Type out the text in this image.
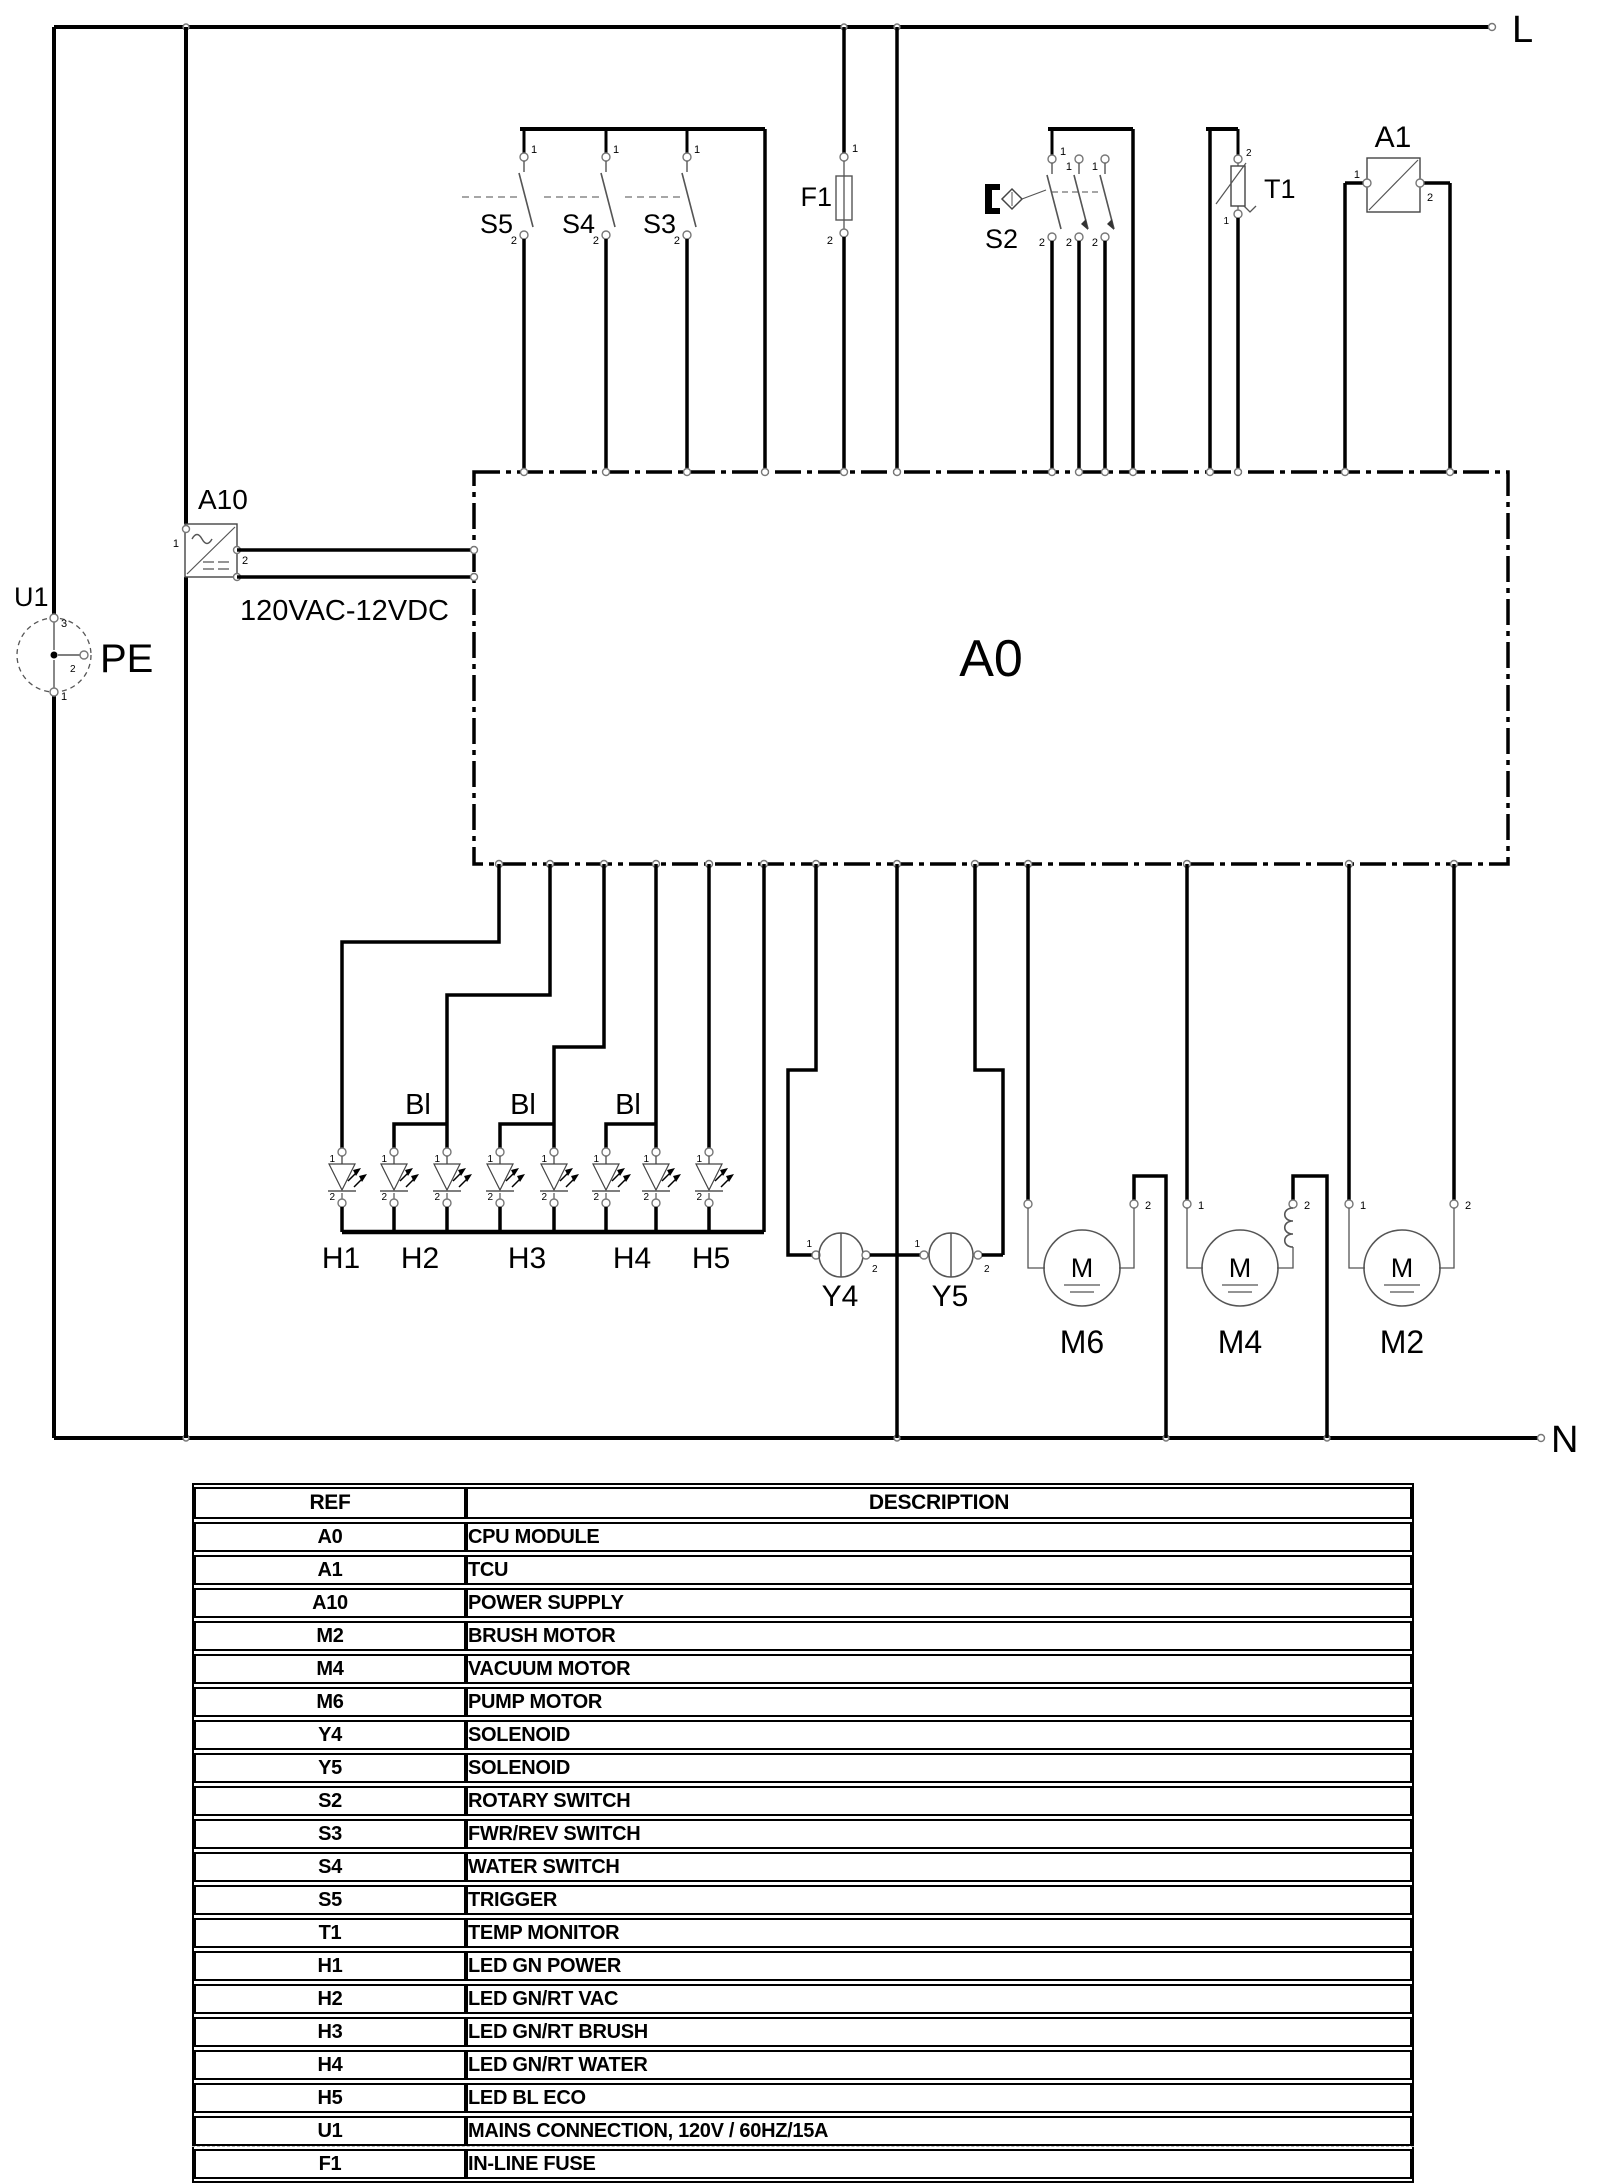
L
N
U1
PE
3
2
1
A10
1
2
120VAC-12VDC
1
2
S5
1
2
S4
1
2
S3
1
2
F1
1
2
1
2
1
2
S2
2
1
T1	1
2
A1
A0
1
2
1
2
1
2
1
2
1
2
1
2
1
2
1
2
Bl	Bl	Bl
H1 H2 H3 H4 H5	1
2
Y4
1
2
Y5
M
2
M6
M
1	2
M4
M
1	2
M2
REF	DESCRIPTION
A0	CPU MODULE
A1	TCU
A10	POWER SUPPLY
M2	BRUSH MOTOR
M4	VACUUM MOTOR
M6	PUMP MOTOR
Y4	SOLENOID
Y5	SOLENOID
S2	ROTARY SWITCH
S3	FWR/REV SWITCH
S4	WATER SWITCH
S5	TRIGGER
T1	TEMP MONITOR
H1	LED GN POWER
H2	LED GN/RT VAC
H3	LED GN/RT BRUSH
H4	LED GN/RT WATER
H5	LED BL ECO
U1	MAINS CONNECTION, 120V / 60HZ/15A
F1	IN-LINE FUSE
